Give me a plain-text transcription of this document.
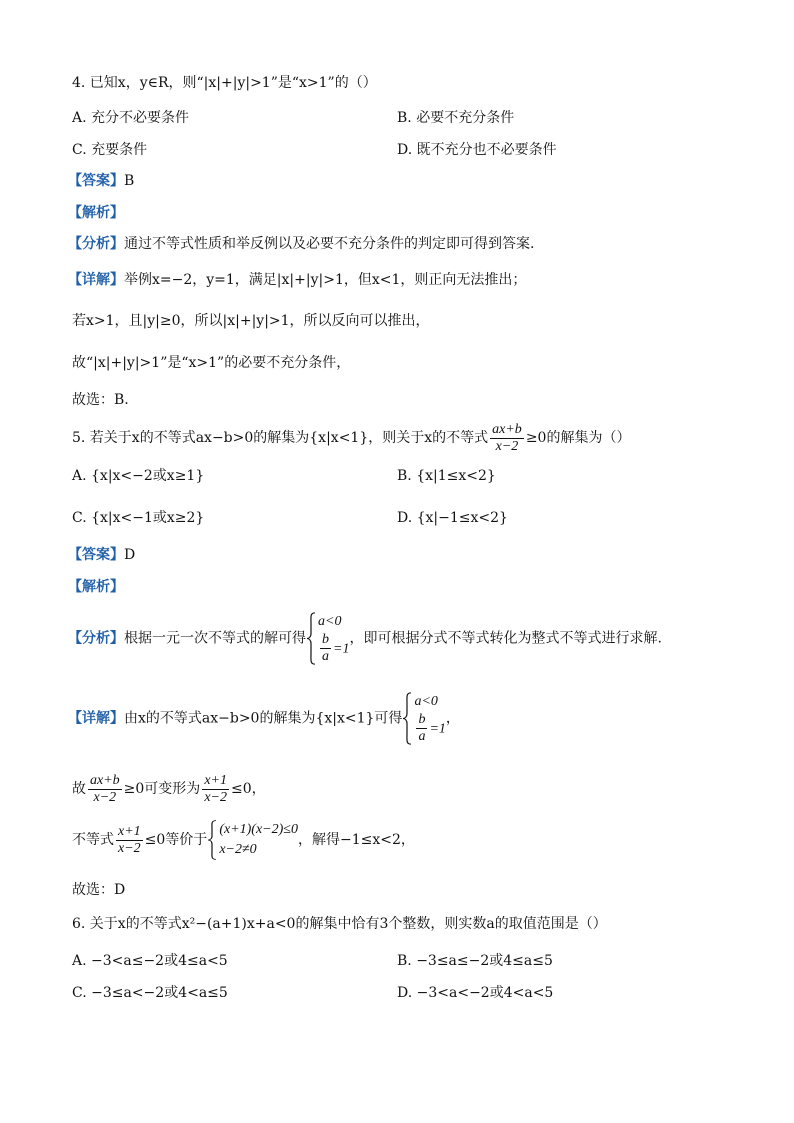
4. 已知x，y∈R，则“|x|+|y|>1”是“x>1”的（）
A. 充分不必要条件	B. 必要不充分条件
C. 充要条件	D. 既不充分也不必要条件
【答案】B
【解析】
【分析】通过不等式性质和举反例以及必要不充分条件的判定即可得到答案.
【详解】举例x=−2，y=1，满足|x|+|y|>1，但x<1，则正向无法推出；
若x>1，且|y|≥0，所以|x|+|y|>1，所以反向可以推出，
故“|x|+|y|>1”是“x>1”的必要不充分条件，
故选：B.
5. 若关于x的不等式ax−b>0的解集为{x|x<1}，则关于x的不等式 $\frac{ax+b}{x-2} \ge 0$的解集为（）
A. {x|x<−2或x≥1}	B. {x|1≤x<2}
C. {x|x<−1或x≥2}	D. {x|−1≤x<2}
【答案】D
【解析】
【分析】根据一元一次不等式的解可得
a<0
$\frac{b}{a} =1$
，即可根据分式不等式转化为整式不等式进行求解.
【详解】由x的不等式ax−b>0的解集为{x|x<1}可得
a<0
$\frac{b}{a} =1$
，
故 $\frac{ax+b}{x-2} \ge 0$可变形为 $\frac{x+1}{x-2} \le 0$，
不等式 $\frac{x+1}{x-2} \le 0$等价于
(x+1)(x−2)≤0
x−2≠0
，解得−1≤x<2，
故选：D
6. 关于x的不等式x²−(a+1)x+a<0的解集中恰有3个整数，则实数a的取值范围是（）
A. −3<a≤−2或4≤a<5	B. −3≤a≤−2或4≤a≤5
C. −3≤a<−2或4<a≤5	D. −3<a<−2或4<a<5
